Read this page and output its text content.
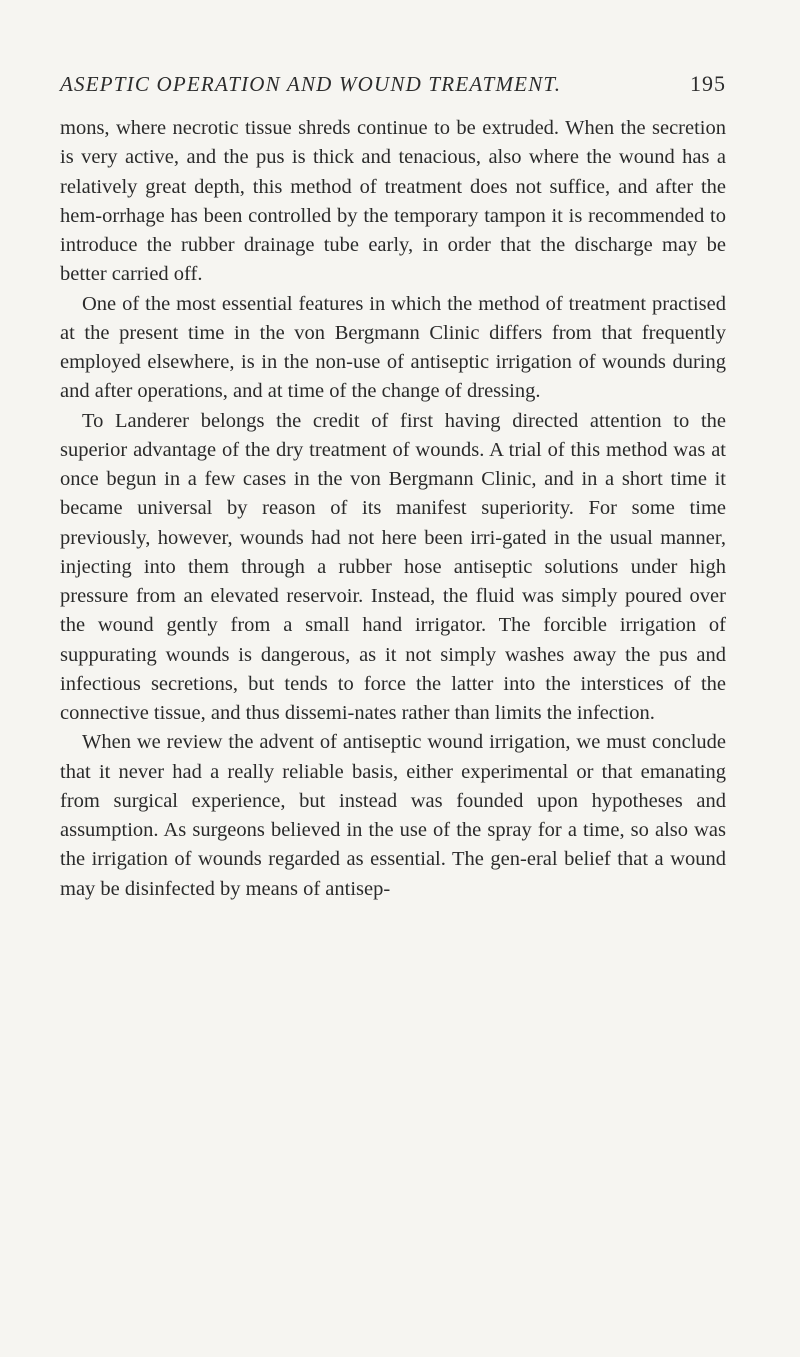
ASEPTIC OPERATION AND WOUND TREATMENT.	195

mons, where necrotic tissue shreds continue to be extruded. When the secretion is very active, and the pus is thick and tenacious, also where the wound has a relatively great depth, this method of treatment does not suffice, and after the hem-orrhage has been controlled by the temporary tampon it is recommended to introduce the rubber drainage tube early, in order that the discharge may be better carried off.

One of the most essential features in which the method of treatment practised at the present time in the von Bergmann Clinic differs from that frequently employed elsewhere, is in the non-use of antiseptic irrigation of wounds during and after operations, and at time of the change of dressing.

To Landerer belongs the credit of first having directed attention to the superior advantage of the dry treatment of wounds. A trial of this method was at once begun in a few cases in the von Bergmann Clinic, and in a short time it became universal by reason of its manifest superiority. For some time previously, however, wounds had not here been irri-gated in the usual manner, injecting into them through a rubber hose antiseptic solutions under high pressure from an elevated reservoir. Instead, the fluid was simply poured over the wound gently from a small hand irrigator. The forcible irrigation of suppurating wounds is dangerous, as it not simply washes away the pus and infectious secretions, but tends to force the latter into the interstices of the connective tissue, and thus dissemi-nates rather than limits the infection.

When we review the advent of antiseptic wound irrigation, we must conclude that it never had a really reliable basis, either experimental or that emanating from surgical experience, but instead was founded upon hypotheses and assumption. As surgeons believed in the use of the spray for a time, so also was the irrigation of wounds regarded as essential. The gen-eral belief that a wound may be disinfected by means of antisep-
